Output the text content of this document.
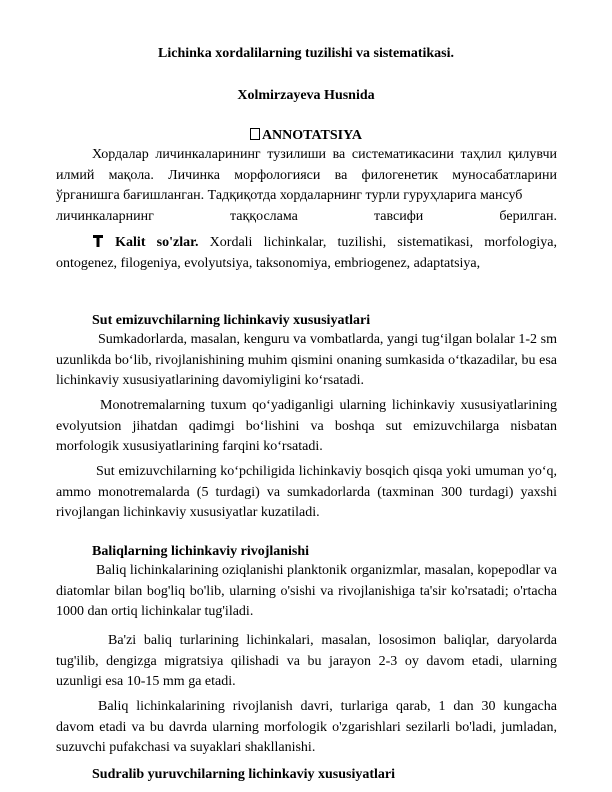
Lichinka xordalilarning tuzilishi va sistematikasi.
Xolmirzayeva Husnida
ANNOTATSIYA

Хордалар личинкаларининг тузилиши ва систематикасини таҳлил қилувчи илмий мақола. Личинка морфологияси ва филогенетик муносабатларини ўрганишга бағишланган. Тадқиқотда хордаларнинг турли гуруҳларига мансуб
личинкаларнинг таққослама тавсифи берилган.

Kalit so'zlar. Xordali lichinkalar, tuzilishi, sistematikasi, morfologiya, ontogenez, filogeniya, evolyutsiya, taksonomiya, embriogenez, adaptatsiya,

Sut emizuvchilarning lichinkaviy xususiyatlari

Sumkadorlarda, masalan, kenguru va vombatlarda, yangi tug‘ilgan bolalar 1-2 sm uzunlikda bo‘lib, rivojlanishining muhim qismini onaning sumkasida o‘tkazadilar, bu esa lichinkaviy xususiyatlarining davomiyligini ko‘rsatadi.

Monotremalarning tuxum qo‘yadiganligi ularning lichinkaviy xususiyatlarining evolyutsion jihatdan qadimgi bo‘lishini va boshqa sut emizuvchilarga nisbatan morfologik xususiyatlarining farqini ko‘rsatadi.

Sut emizuvchilarning ko‘pchiligida lichinkaviy bosqich qisqa yoki umuman yo‘q, ammo monotremalarda (5 turdagi) va sumkadorlarda (taxminan 300 turdagi) yaxshi rivojlangan lichinkaviy xususiyatlar kuzatiladi.

Baliqlarning lichinkaviy rivojlanishi

Baliq lichinkalarining oziqlanishi planktonik organizmlar, masalan, kopepodlar va diatomlar bilan bog'liq bo'lib, ularning o'sishi va rivojlanishiga ta'sir ko'rsatadi; o'rtacha 1000 dan ortiq lichinkalar tug'iladi.

Ba'zi baliq turlarining lichinkalari, masalan, lososimon baliqlar, daryolarda tug'ilib, dengizga migratsiya qilishadi va bu jarayon 2-3 oy davom etadi, ularning uzunligi esa 10-15 mm ga etadi.

Baliq lichinkalarining rivojlanish davri, turlariga qarab, 1 dan 30 kungacha davom etadi va bu davrda ularning morfologik o'zgarishlari sezilarli bo'ladi, jumladan, suzuvchi pufakchasi va suyaklari shakllanishi.

Sudralib yuruvchilarning lichinkaviy xususiyatlari
